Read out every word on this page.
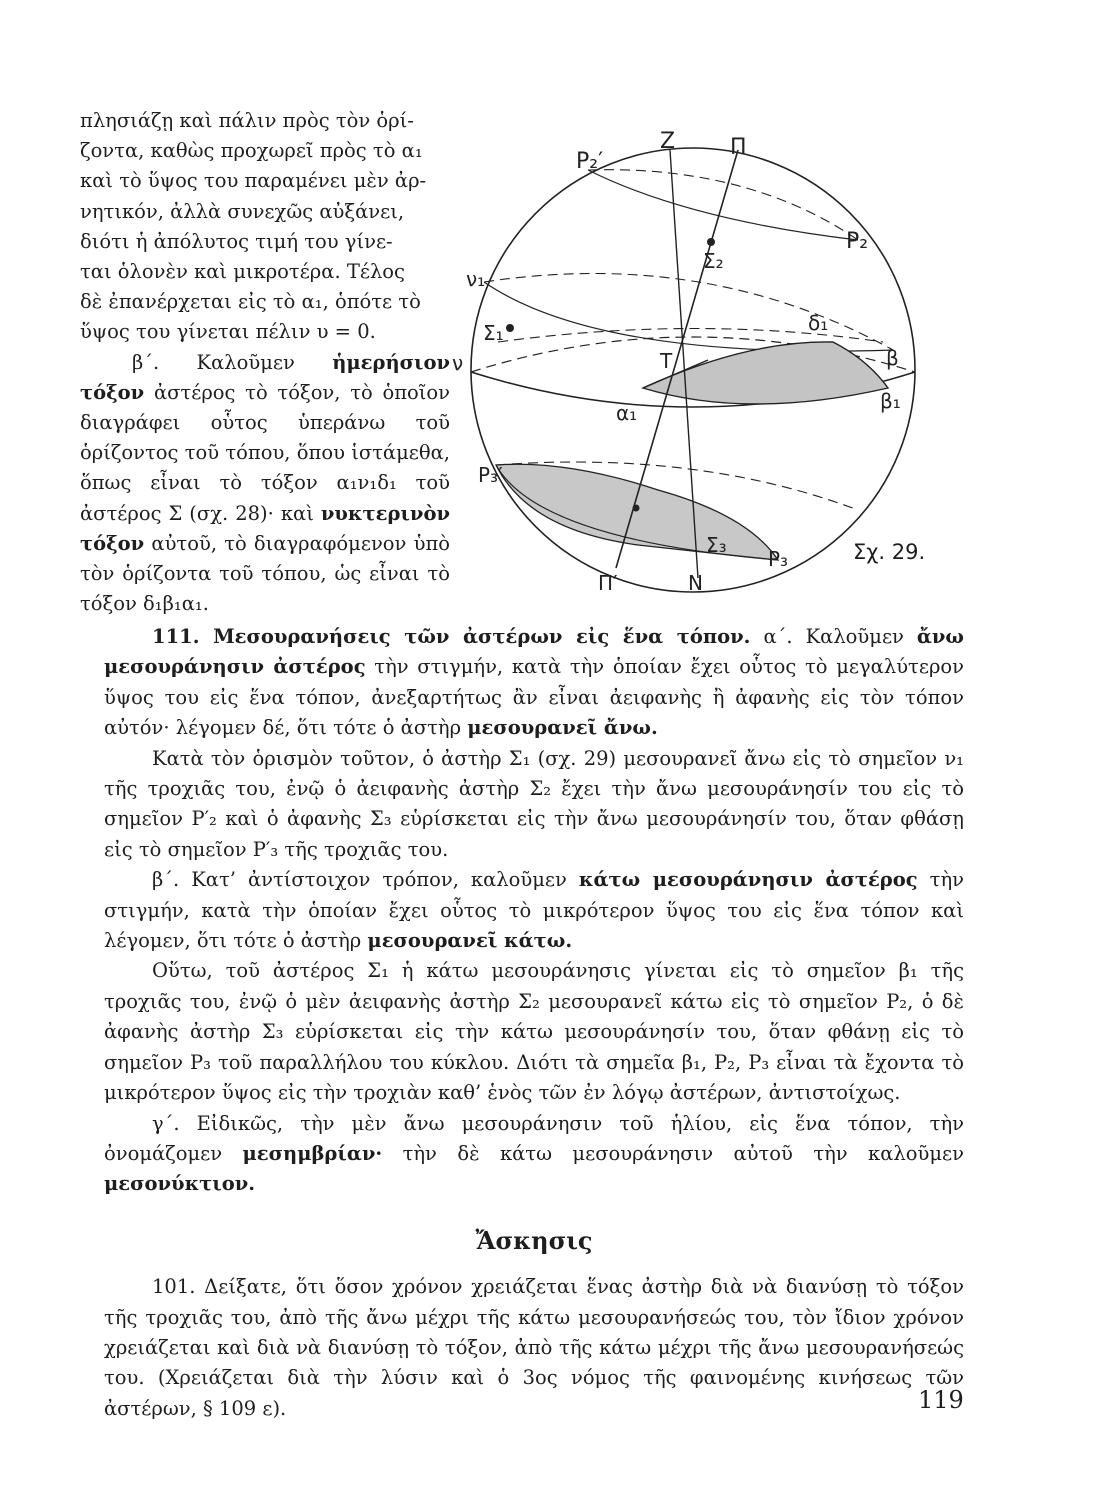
πλησιάζῃ καὶ πάλιν πρὸς τὸν ὁρί-

ζοντα, καθὼς προχωρεῖ πρὸς τὸ α₁

καὶ τὸ ὕψος του παραμένει μὲν ἀρ-

νητικόν, ἀλλὰ συνεχῶς αὐξάνει,

διότι ἡ ἀπόλυτος τιμή του γίνε-

ται ὁλονὲν καὶ μικροτέρα. Τέλος

δὲ ἐπανέρχεται εἰς τὸ α₁, ὁπότε τὸ

ὕψος του γίνεται πέλιν υ = 0.

β΄. Καλοῦμεν ἡμερήσιον τόξον ἀστέρος τὸ τόξον, τὸ ὁποῖον διαγράφει οὗτος ὑπεράνω τοῦ ὁρίζοντος τοῦ τόπου, ὅπου ἱστάμεθα, ὅπως εἶναι τὸ τόξον α₁ν₁δ₁ τοῦ ἀστέρος Σ (σχ. 28)· καὶ νυκτερινὸν τόξον αὐτοῦ, τὸ διαγραφόμενον ὑπὸ τὸν ὁρίζοντα τοῦ τόπου, ὡς εἶναι τὸ τόξον δ₁β₁α₁.

P₂′
Z Π
P₂
Σ₂
ν₁
δ₁
Σ₁
ν	T	β
α₁	β₁
P₃′
Σ₃
P₃
Π′	N
Σχ. 29.

111. Μεσουρανήσεις τῶν ἀστέρων εἰς ἕνα τόπον. α΄. Καλοῦμεν ἄνω μεσουράνησιν ἀστέρος τὴν στιγμήν, κατὰ τὴν ὁποίαν ἔχει οὗτος τὸ μεγαλύτερον ὕψος του εἰς ἕνα τόπον, ἀνεξαρτήτως ἂν εἶναι ἀειφανὴς ἢ ἀφανὴς εἰς τὸν τόπον αὐτόν· λέγομεν δέ, ὅτι τότε ὁ ἀστὴρ μεσουρανεῖ ἄνω.

Κατὰ τὸν ὁρισμὸν τοῦτον, ὁ ἀστὴρ Σ₁ (σχ. 29) μεσουρανεῖ ἄνω εἰς τὸ σημεῖον ν₁ τῆς τροχιᾶς του, ἐνῷ ὁ ἀειφανὴς ἀστὴρ Σ₂ ἔχει τὴν ἄνω μεσουράνησίν του εἰς τὸ σημεῖον P′₂ καὶ ὁ ἀφανὴς Σ₃ εὑρίσκεται εἰς τὴν ἄνω μεσουράνησίν του, ὅταν φθάσῃ εἰς τὸ σημεῖον P′₃ τῆς τροχιᾶς του.

β΄. Κατ’ ἀντίστοιχον τρόπον, καλοῦμεν κάτω μεσουράνησιν ἀστέρος τὴν στιγμήν, κατὰ τὴν ὁποίαν ἔχει οὗτος τὸ μικρότερον ὕψος του εἰς ἕνα τόπον καὶ λέγομεν, ὅτι τότε ὁ ἀστὴρ μεσουρανεῖ κάτω.

Οὕτω, τοῦ ἀστέρος Σ₁ ἡ κάτω μεσουράνησις γίνεται εἰς τὸ σημεῖον β₁ τῆς τροχιᾶς του, ἐνῷ ὁ μὲν ἀειφανὴς ἀστὴρ Σ₂ μεσουρανεῖ κάτω εἰς τὸ σημεῖον P₂, ὁ δὲ ἀφανὴς ἀστὴρ Σ₃ εὑρίσκεται εἰς τὴν κάτω μεσουράνησίν του, ὅταν φθάνῃ εἰς τὸ σημεῖον P₃ τοῦ παραλλήλου του κύκλου. Διότι τὰ σημεῖα β₁, P₂, P₃ εἶναι τὰ ἔχοντα τὸ μικρότερον ὕψος εἰς τὴν τροχιὰν καθ’ ἑνὸς τῶν ἐν λόγῳ ἀστέρων, ἀντιστοίχως.

γ΄. Εἰδικῶς, τὴν μὲν ἄνω μεσουράνησιν τοῦ ἡλίου, εἰς ἕνα τόπον, τὴν ὀνομάζομεν μεσημβρίαν· τὴν δὲ κάτω μεσουράνησιν αὐτοῦ τὴν καλοῦμεν μεσονύκτιον.

Ἄσκησις

101. Δείξατε, ὅτι ὅσον χρόνον χρειάζεται ἕνας ἀστὴρ διὰ νὰ διανύσῃ τὸ τόξον τῆς τροχιᾶς του, ἀπὸ τῆς ἄνω μέχρι τῆς κάτω μεσουρανήσεώς του, τὸν ἴδιον χρόνον χρειάζεται καὶ διὰ νὰ διανύσῃ τὸ τόξον, ἀπὸ τῆς κάτω μέχρι τῆς ἄνω μεσουρανήσεώς του. (Χρειάζεται διὰ τὴν λύσιν καὶ ὁ 3ος νόμος τῆς φαινομένης κινήσεως τῶν ἀστέρων, § 109 ε).	119
